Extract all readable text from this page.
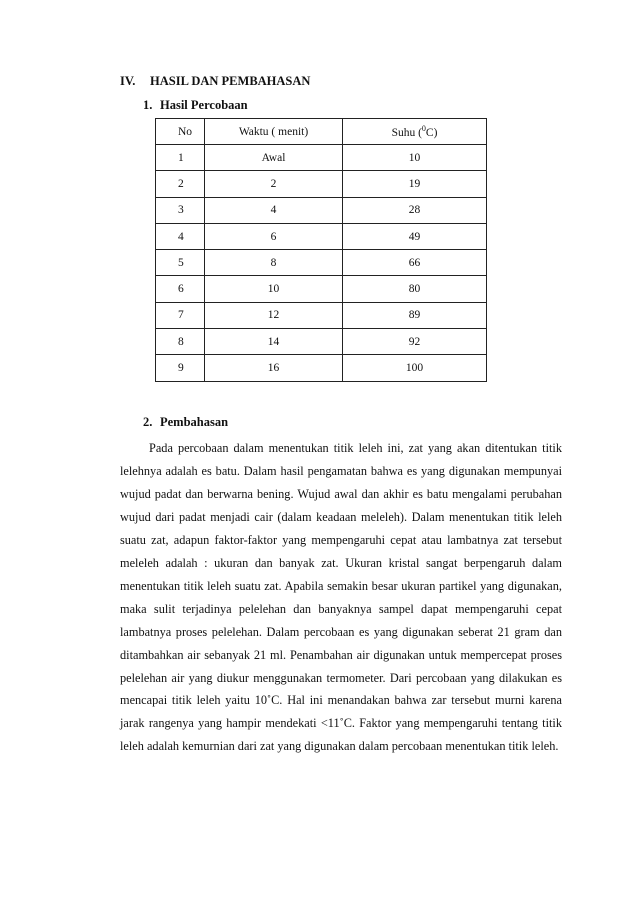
IV. HASIL DAN PEMBAHASAN
1. Hasil Percobaan
No	Waktu ( menit)	Suhu ($^0$C)
1	Awal	10
2	2	19
3	4	28
4	6	49
5	8	66
6	10	80
7	12	89
8	14	92
9	16	100
2. Pembahasan

Pada percobaan dalam menentukan titik leleh ini, zat yang akan ditentukan titik lelehnya adalah es batu. Dalam hasil pengamatan bahwa es yang digunakan mempunyai wujud padat dan berwarna bening. Wujud awal dan akhir es batu mengalami perubahan wujud dari padat menjadi cair (dalam keadaan meleleh). Dalam menentukan titik leleh suatu zat, adapun faktor-faktor yang mempengaruhi cepat atau lambatnya zat tersebut meleleh adalah : ukuran dan banyak zat. Ukuran kristal sangat berpengaruh dalam menentukan titik leleh suatu zat. Apabila semakin besar ukuran partikel yang digunakan, maka sulit terjadinya pelelehan dan banyaknya sampel dapat mempengaruhi cepat lambatnya proses pelelehan. Dalam percobaan es yang digunakan seberat 21 gram dan ditambahkan air sebanyak 21 ml. Penambahan air digunakan untuk mempercepat proses pelelehan air yang diukur menggunakan termometer. Dari percobaan yang dilakukan es mencapai titik leleh yaitu 10˚C. Hal ini menandakan bahwa zar tersebut murni karena jarak rangenya yang hampir mendekati <11˚C. Faktor yang mempengaruhi tentang titik leleh adalah kemurnian dari zat yang digunakan dalam percobaan menentukan titik leleh.
